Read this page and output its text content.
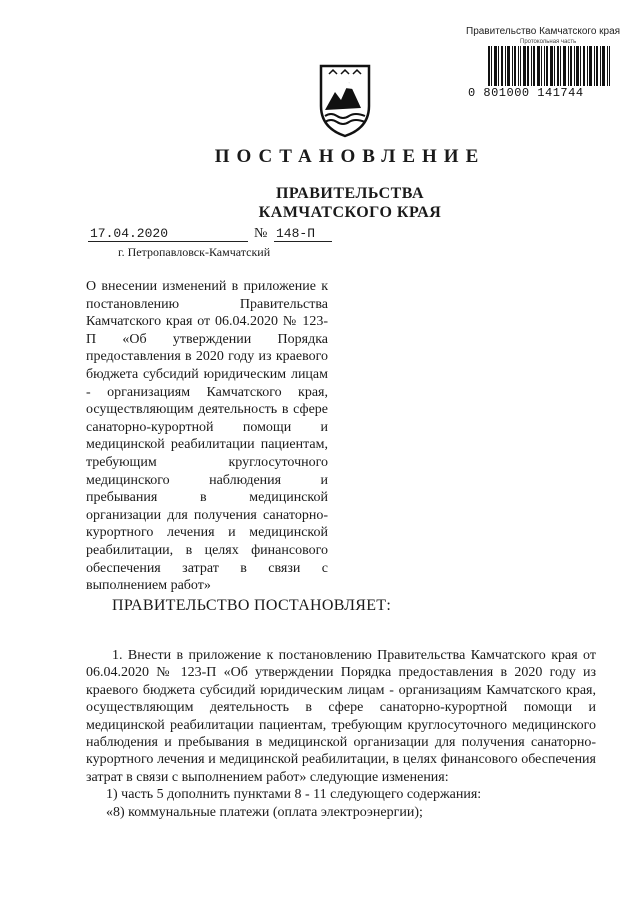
Правительство Камчатского края
Протокольная часть
0 801000 141744
ПОСТАНОВЛЕНИЕ
ПРАВИТЕЛЬСТВА
КАМЧАТСКОГО КРАЯ
17.04.2020	№ 148-П
г. Петропавловск-Камчатский
О внесении изменений в приложение к постановлению Правительства Камчатского края от 06.04.2020 № 123-П «Об утверждении Порядка предоставления в 2020 году из краевого бюджета субсидий юридическим лицам - организациям Камчатского края, осуществляющим деятельность в сфере санаторно-курортной помощи и медицинской реабилитации пациентам, требующим круглосуточного медицинского наблюдения и пребывания в медицинской организации для получения санаторно-курортного лечения и медицинской реабилитации, в целях финансового обеспечения затрат в связи с выполнением работ»
ПРАВИТЕЛЬСТВО ПОСТАНОВЛЯЕТ:

1. Внести в приложение к постановлению Правительства Камчатского края от 06.04.2020 № 123-П «Об утверждении Порядка предоставления в 2020 году из краевого бюджета субсидий юридическим лицам - организациям Камчатского края, осуществляющим деятельность в сфере санаторно-курортной помощи и медицинской реабилитации пациентам, требующим круглосуточного медицинского наблюдения и пребывания в медицинской организации для получения санаторно-курортного лечения и медицинской реабилитации, в целях финансового обеспечения затрат в связи с выполнением работ» следующие изменения:

1) часть 5 дополнить пунктами 8 - 11 следующего содержания:

«8) коммунальные платежи (оплата электроэнергии);
